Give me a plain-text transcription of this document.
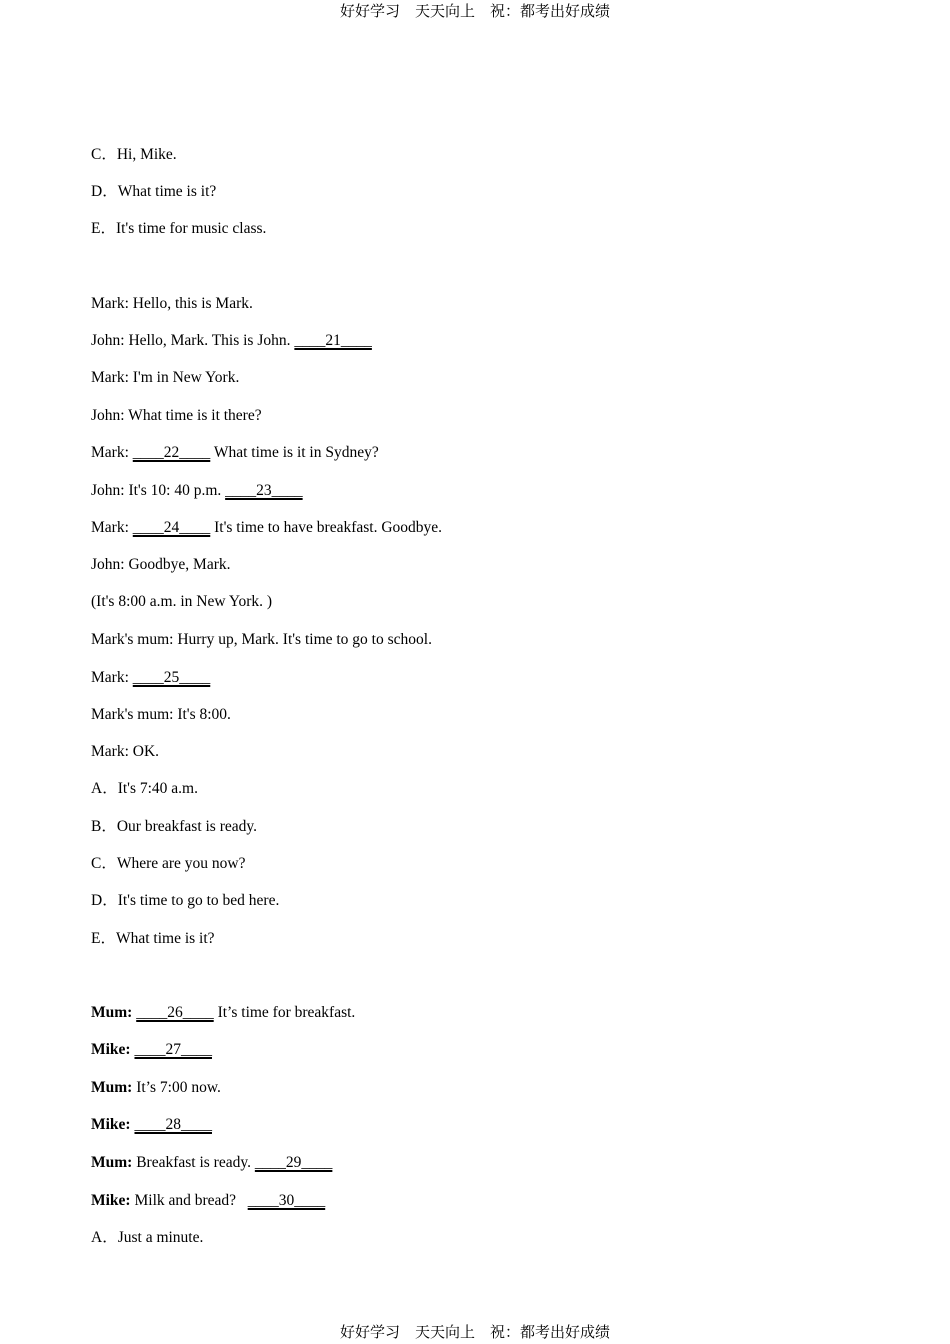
好好学习　天天向上　祝：都考出好成绩
C．Hi, Mike.
D．What time is it?
E．It's time for music class.
Mark: Hello, this is Mark.
John: Hello, Mark. This is John. ____21____
Mark: I'm in New York.
John: What time is it there?
Mark: ____22____ What time is it in Sydney?
John: It's 10: 40 p.m. ____23____
Mark: ____24____ It's time to have breakfast. Goodbye.
John: Goodbye, Mark.
(It's 8:00 a.m. in New York. )
Mark's mum: Hurry up, Mark. It's time to go to school.
Mark: ____25____
Mark's mum: It's 8:00.
Mark: OK.
A．It's 7:40 a.m.
B．Our breakfast is ready.
C．Where are you now?
D．It's time to go to bed here.
E．What time is it?
Mum: ____26____ It’s time for breakfast.
Mike: ____27____
Mum: It’s 7:00 now.
Mike: ____28____
Mum: Breakfast is ready. ____29____
Mike: Milk and bread?   ____30____
A．Just a minute.
好好学习　天天向上　祝：都考出好成绩
